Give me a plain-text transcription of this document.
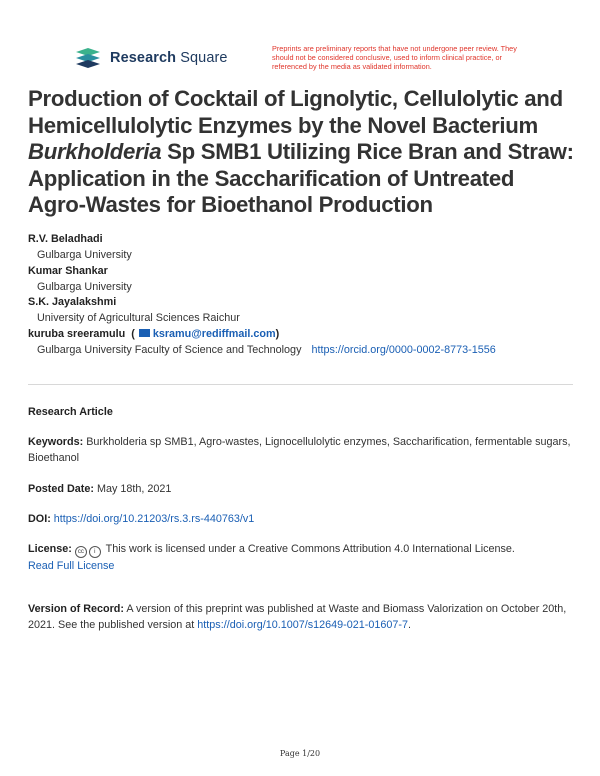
Research Square
Preprints are preliminary reports that have not undergone peer review. They should not be considered conclusive, used to inform clinical practice, or referenced by the media as validated information.
Production of Cocktail of Lignolytic, Cellulolytic and
Hemicellulolytic Enzymes by the Novel Bacterium
Burkholderia Sp SMB1 Utilizing Rice Bran and Straw:
Application in the Saccharification of Untreated
Agro-Wastes for Bioethanol Production
R.V. Beladhadi
Gulbarga University
Kumar Shankar
Gulbarga University
S.K. Jayalakshmi
University of Agricultural Sciences Raichur
kuruba sreeramulu  ( ksramu@rediffmail.com)
Gulbarga University Faculty of Science and Technology https://orcid.org/0000-0002-8773-1556
Research Article
Keywords: Burkholderia sp SMB1, Agro-wastes, Lignocellulolytic enzymes, Saccharification, fermentable sugars, Bioethanol
Posted Date: May 18th, 2021
DOI: https://doi.org/10.21203/rs.3.rs-440763/v1
License: cc i This work is licensed under a Creative Commons Attribution 4.0 International License.
Read Full License
Version of Record: A version of this preprint was published at Waste and Biomass Valorization on October 20th, 2021. See the published version at https://doi.org/10.1007/s12649-021-01607-7.
Page 1/20
